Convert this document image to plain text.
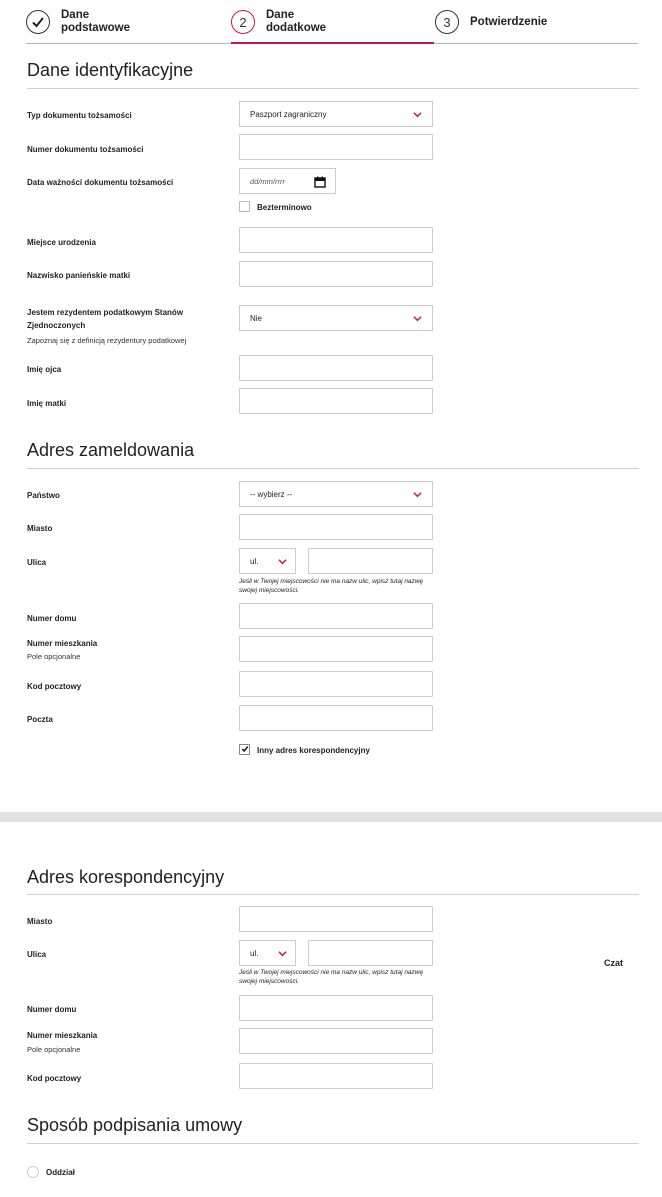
Dane podstawowe	2	Dane dodatkowe	3	Potwierdzenie
Dane identyfikacyjne
Typ dokumentu tożsamości	Paszport zagraniczny
Numer dokumentu tożsamości
Data ważności dokumentu tożsamości	dd/mm/rrrr
Bezterminowo
Miejsce urodzenia
Nazwisko panieńskie matki
Jestem rezydentem podatkowym Stanów Zjednoczonych
Zapoznaj się z definicją rezydentury podatkowej
Nie
Imię ojca
Imię matki
Adres zameldowania
Państwo	-- wybierz --
Miasto
Ulica	ul.
Jeśli w Twojej miejscowości nie ma nazw ulic, wpisz tutaj nazwę swojej miejscowości.
Numer domu
Numer mieszkania
Pole opcjonalne
Kod pocztowy
Poczta
Inny adres korespondencyjny
Adres korespondencyjny
Miasto
Ulica	ul.
Jeśli w Twojej miejscowości nie ma nazw ulic, wpisz tutaj nazwę swojej miejscowości.
Czat
Numer domu
Numer mieszkania
Pole opcjonalne
Kod pocztowy
Sposób podpisania umowy
Oddział
